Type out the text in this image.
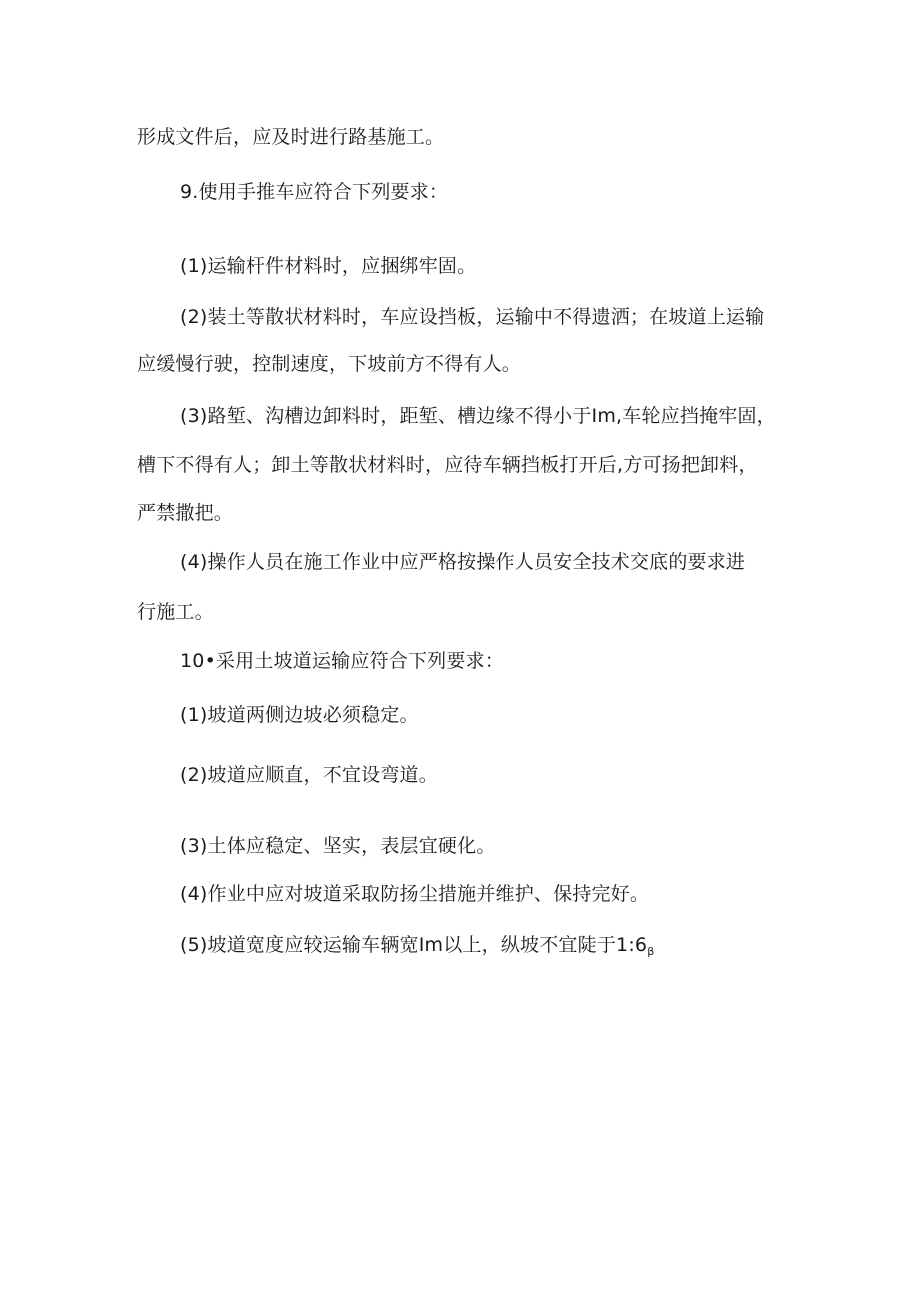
形成文件后，应及时进行路基施工。
9.使用手推车应符合下列要求：
(1)运输杆件材料时，应捆绑牢固。
(2)装土等散状材料时，车应设挡板，运输中不得遗洒；在坡道上运输
应缓慢行驶，控制速度，下坡前方不得有人。
(3)路堑、沟槽边卸料时，距堑、槽边缘不得小于Im,车轮应挡掩牢固，
槽下不得有人；卸土等散状材料时，应待车辆挡板打开后,方可扬把卸料，
严禁撒把。
(4)操作人员在施工作业中应严格按操作人员安全技术交底的要求进
行施工。
10•采用土坡道运输应符合下列要求：
(1)坡道两侧边坡必须稳定。
(2)坡道应顺直，不宜设弯道。
(3)土体应稳定、坚实，表层宜硬化。
(4)作业中应对坡道采取防扬尘措施并维护、保持完好。
(5)坡道宽度应较运输车辆宽Im以上，纵坡不宜陡于$1:6_\beta$
